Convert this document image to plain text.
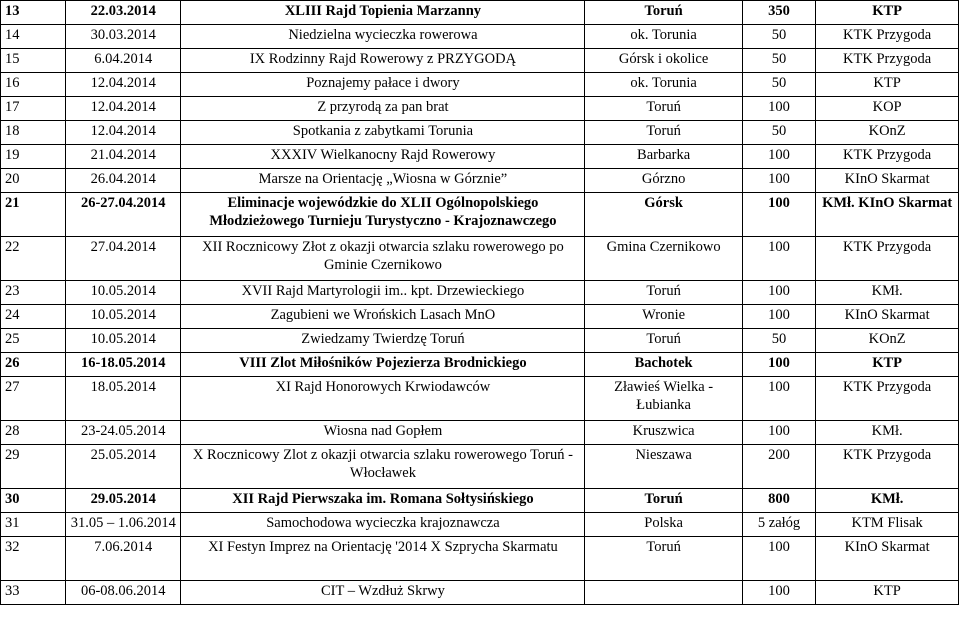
13	22.03.2014	XLIII Rajd Topienia Marzanny	Toruń	350	KTP
14	30.03.2014	Niedzielna wycieczka rowerowa	ok. Torunia	50	KTK Przygoda
15	6.04.2014	IX Rodzinny Rajd Rowerowy z PRZYGODĄ	Górsk i okolice	50	KTK Przygoda
16	12.04.2014	Poznajemy pałace i dwory	ok. Torunia	50	KTP
17	12.04.2014	Z przyrodą za pan brat	Toruń	100	KOP
18	12.04.2014	Spotkania z zabytkami Torunia	Toruń	50	KOnZ
19	21.04.2014	XXXIV Wielkanocny Rajd Rowerowy	Barbarka	100	KTK Przygoda
20	26.04.2014	Marsze na Orientację „Wiosna w Górznie”	Górzno	100	KInO Skarmat
21	26-27.04.2014	Eliminacje wojewódzkie do XLII Ogólnopolskiego Młodzieżowego Turnieju Turystyczno - Krajoznawczego	Górsk	100	KMł. KInO Skarmat
22	27.04.2014	XII Rocznicowy Złot z okazji otwarcia szlaku rowerowego po Gminie Czernikowo	Gmina Czernikowo	100	KTK Przygoda
23	10.05.2014	XVII Rajd Martyrologii im.. kpt. Drzewieckiego	Toruń	100	KMł.
24	10.05.2014	Zagubieni we Wrońskich Lasach MnO	Wronie	100	KInO Skarmat
25	10.05.2014	Zwiedzamy Twierdzę Toruń	Toruń	50	KOnZ
26	16-18.05.2014	VIII Zlot Miłośników Pojezierza Brodnickiego	Bachotek	100	KTP
27	18.05.2014	XI Rajd Honorowych Krwiodawców	Zławieś Wielka - Łubianka	100	KTK Przygoda
28	23-24.05.2014	Wiosna nad Gopłem	Kruszwica	100	KMł.
29	25.05.2014	X Rocznicowy Zlot z okazji otwarcia szlaku rowerowego Toruń - Włocławek	Nieszawa	200	KTK Przygoda
30	29.05.2014	XII Rajd Pierwszaka im. Romana Sołtysińskiego	Toruń	800	KMł.
31	31.05 – 1.06.2014	Samochodowa wycieczka krajoznawcza	Polska	5 załóg	KTM Flisak
32	7.06.2014	XI Festyn Imprez na Orientację '2014 X Szprycha Skarmatu	Toruń	100	KInO Skarmat
33	06-08.06.2014	CIT – Wzdłuż Skrwy		100	KTP
